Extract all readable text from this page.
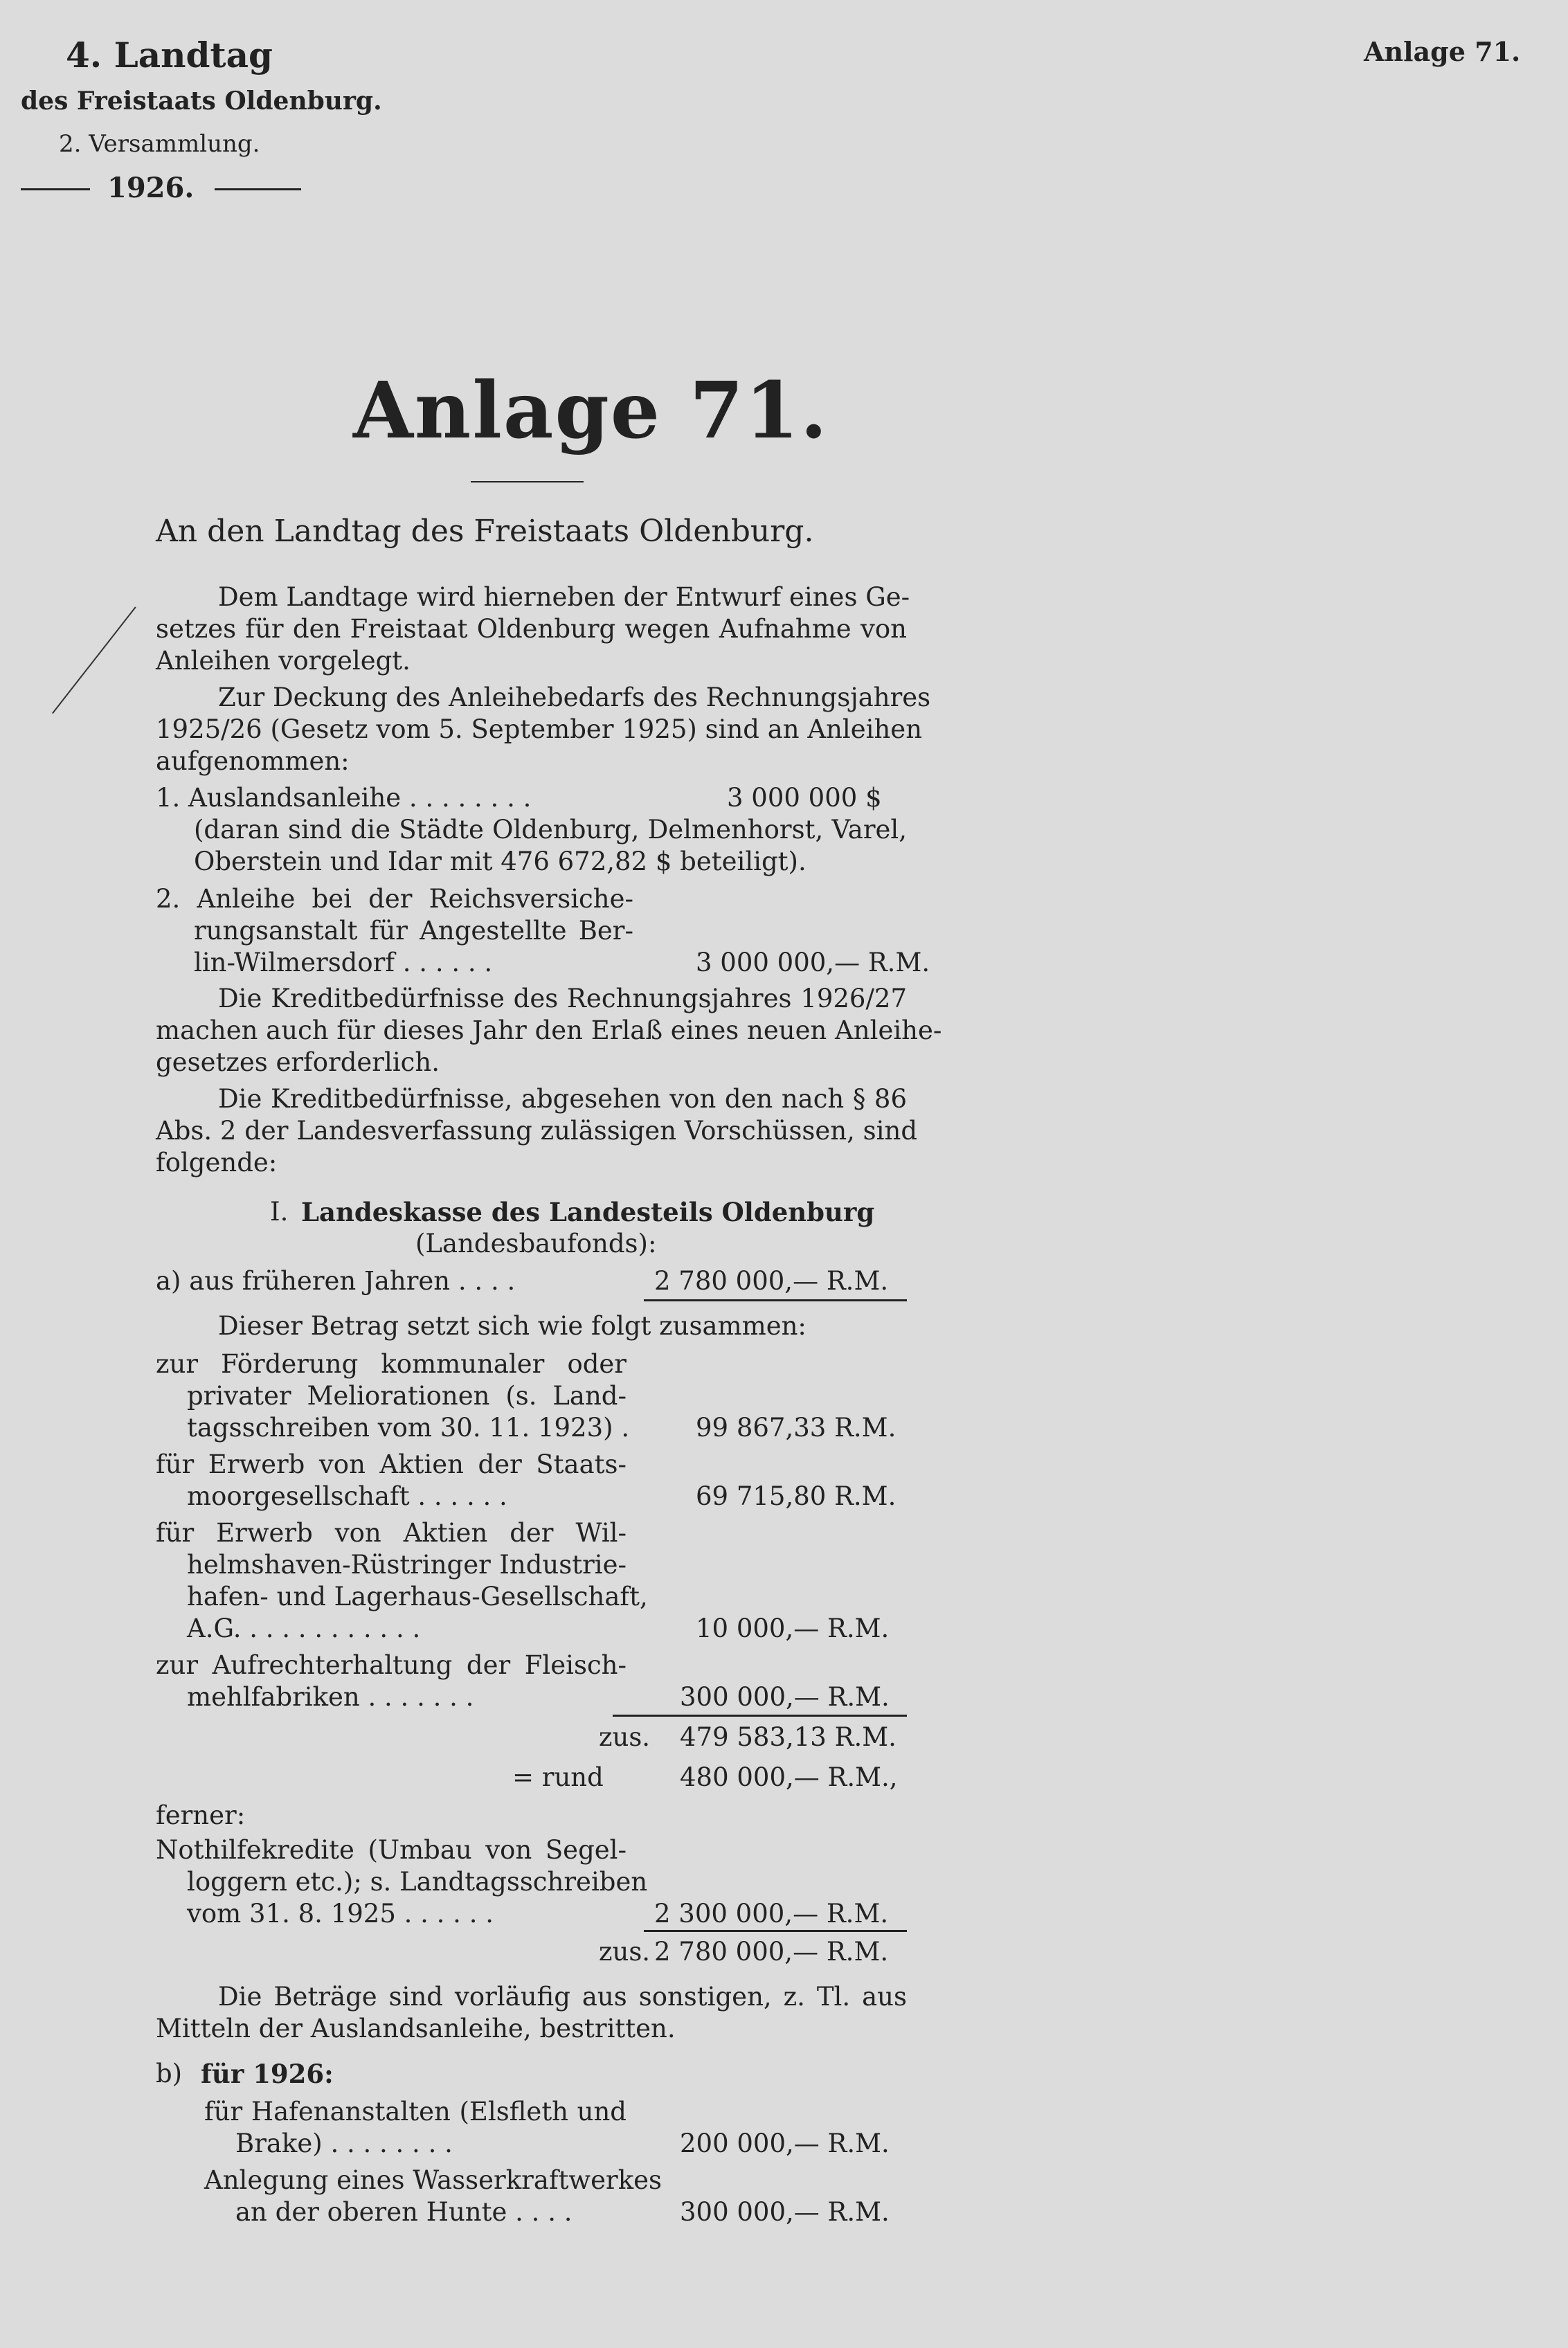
4. Landtag
des Freistaats Oldenburg.
2. Versammlung.
1926.
Anlage 71.
Anlage 71.
An den Landtag des Freistaats Oldenburg.
Dem Landtage wird hierneben der Entwurf eines Ge-
setzes für den Freistaat Oldenburg wegen Aufnahme von
Anleihen vorgelegt.
Zur Deckung des Anleihebedarfs des Rechnungsjahres
1925/26 (Gesetz vom 5. September 1925) sind an Anleihen
aufgenommen:
1. Auslandsanleihe . . . . . . . .	3 000 000 $
(daran sind die Städte Oldenburg, Delmenhorst, Varel,
Oberstein und Idar mit 476 672,82 $ beteiligt).
2. Anleihe bei der Reichsversiche-
rungsanstalt für Angestellte Ber-
lin-Wilmersdorf . . . . . .	3 000 000,— R.M.
Die Kreditbedürfnisse des Rechnungsjahres 1926/27
machen auch für dieses Jahr den Erlaß eines neuen Anleihe-
gesetzes erforderlich.
Die Kreditbedürfnisse, abgesehen von den nach § 86
Abs. 2 der Landesverfassung zulässigen Vorschüssen, sind
folgende:
I. Landeskasse des Landesteils Oldenburg
(Landesbaufonds):
a) aus früheren Jahren . . . .	2 780 000,— R.M.
Dieser Betrag setzt sich wie folgt zusammen:
zur Förderung kommunaler oder
privater Meliorationen (s. Land-
tagsschreiben vom 30. 11. 1923) .	99 867,33 R.M.
für Erwerb von Aktien der Staats-
moorgesellschaft . . . . . .	69 715,80 R.M.
für Erwerb von Aktien der Wil-
helmshaven-Rüstringer Industrie-
hafen- und Lagerhaus-Gesellschaft,
A.G. . . . . . . . . . . .	10 000,— R.M.
zur Aufrechterhaltung der Fleisch-
mehlfabriken . . . . . . .	300 000,— R.M.
zus. 479 583,13 R.M.
= rund	480 000,— R.M.,
ferner:
Nothilfekredite (Umbau von Segel-
loggern etc.); s. Landtagsschreiben
vom 31. 8. 1925 . . . . . .	2 300 000,— R.M.
zus. 2 780 000,— R.M.
Die Beträge sind vorläufig aus sonstigen, z. Tl. aus
Mitteln der Auslandsanleihe, bestritten.
b) für 1926:
für Hafenanstalten (Elsfleth und
Brake) . . . . . . . .	200 000,— R.M.
Anlegung eines Wasserkraftwerkes
an der oberen Hunte . . . .	300 000,— R.M.
